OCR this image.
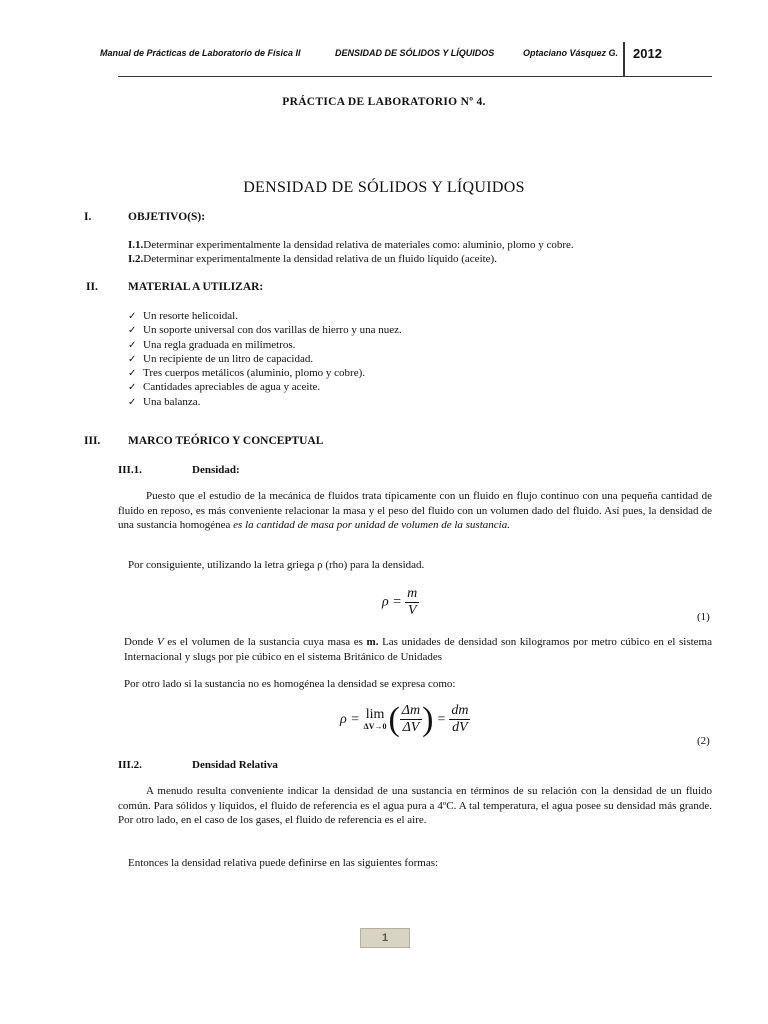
Manual de Prácticas de Laboratorio de Física II	DENSIDAD DE SÓLIDOS Y LÍQUIDOS	Optaciano Vásquez G. 2012
PRÁCTICA DE LABORATORIO Nº 4.
DENSIDAD DE SÓLIDOS Y LÍQUIDOS
I.	OBJETIVO(S):
I.1.Determinar experimentalmente la densidad relativa de materiales como: aluminio, plomo y cobre.
I.2.Determinar experimentalmente la densidad relativa de un fluido líquido (aceite).
II.	MATERIAL A UTILIZAR:
✓ Un resorte helicoidal.
✓ Un soporte universal con dos varillas de hierro y una nuez.
✓ Una regla graduada en milímetros.
✓ Un recipiente de un litro de capacidad.
✓ Tres cuerpos metálicos (aluminio, plomo y cobre).
✓ Cantidades apreciables de agua y aceite.
✓ Una balanza.
III. MARCO TEÓRICO Y CONCEPTUAL
III.1.	Densidad:
Puesto que el estudio de la mecánica de fluidos trata típicamente con un fluido en flujo continuo con una pequeña cantidad de fluido en reposo, es más conveniente relacionar la masa y el peso del fluido con un volumen dado del fluido. Así pues, la densidad de una sustancia homogénea es la cantidad de masa por unidad de volumen de la sustancia.
Por consiguiente, utilizando la letra griega ρ (rho) para la densidad.
$\rho = \frac{m}{V}$	(1)
Donde V es el volumen de la sustancia cuya masa es m. Las unidades de densidad son kilogramos por metro cúbico en el sistema Internacional y slugs por pie cúbico en el sistema Británico de Unidades
Por otro lado si la sustancia no es homogénea la densidad se expresa como:
ρ = lim
ΔV→0 ( $\frac{\Delta m}{\Delta V}$ ) = $\frac{dm}{dV}$
(2)
III.2.	Densidad Relativa
A menudo resulta conveniente indicar la densidad de una sustancia en términos de su relación con la densidad de un fluido común. Para sólidos y líquidos, el fluido de referencia es el agua pura a 4ºC. A tal temperatura, el agua posee su densidad más grande. Por otro lado, en el caso de los gases, el fluido de referencia es el aire.
Entonces la densidad relativa puede definirse en las siguientes formas:
1
